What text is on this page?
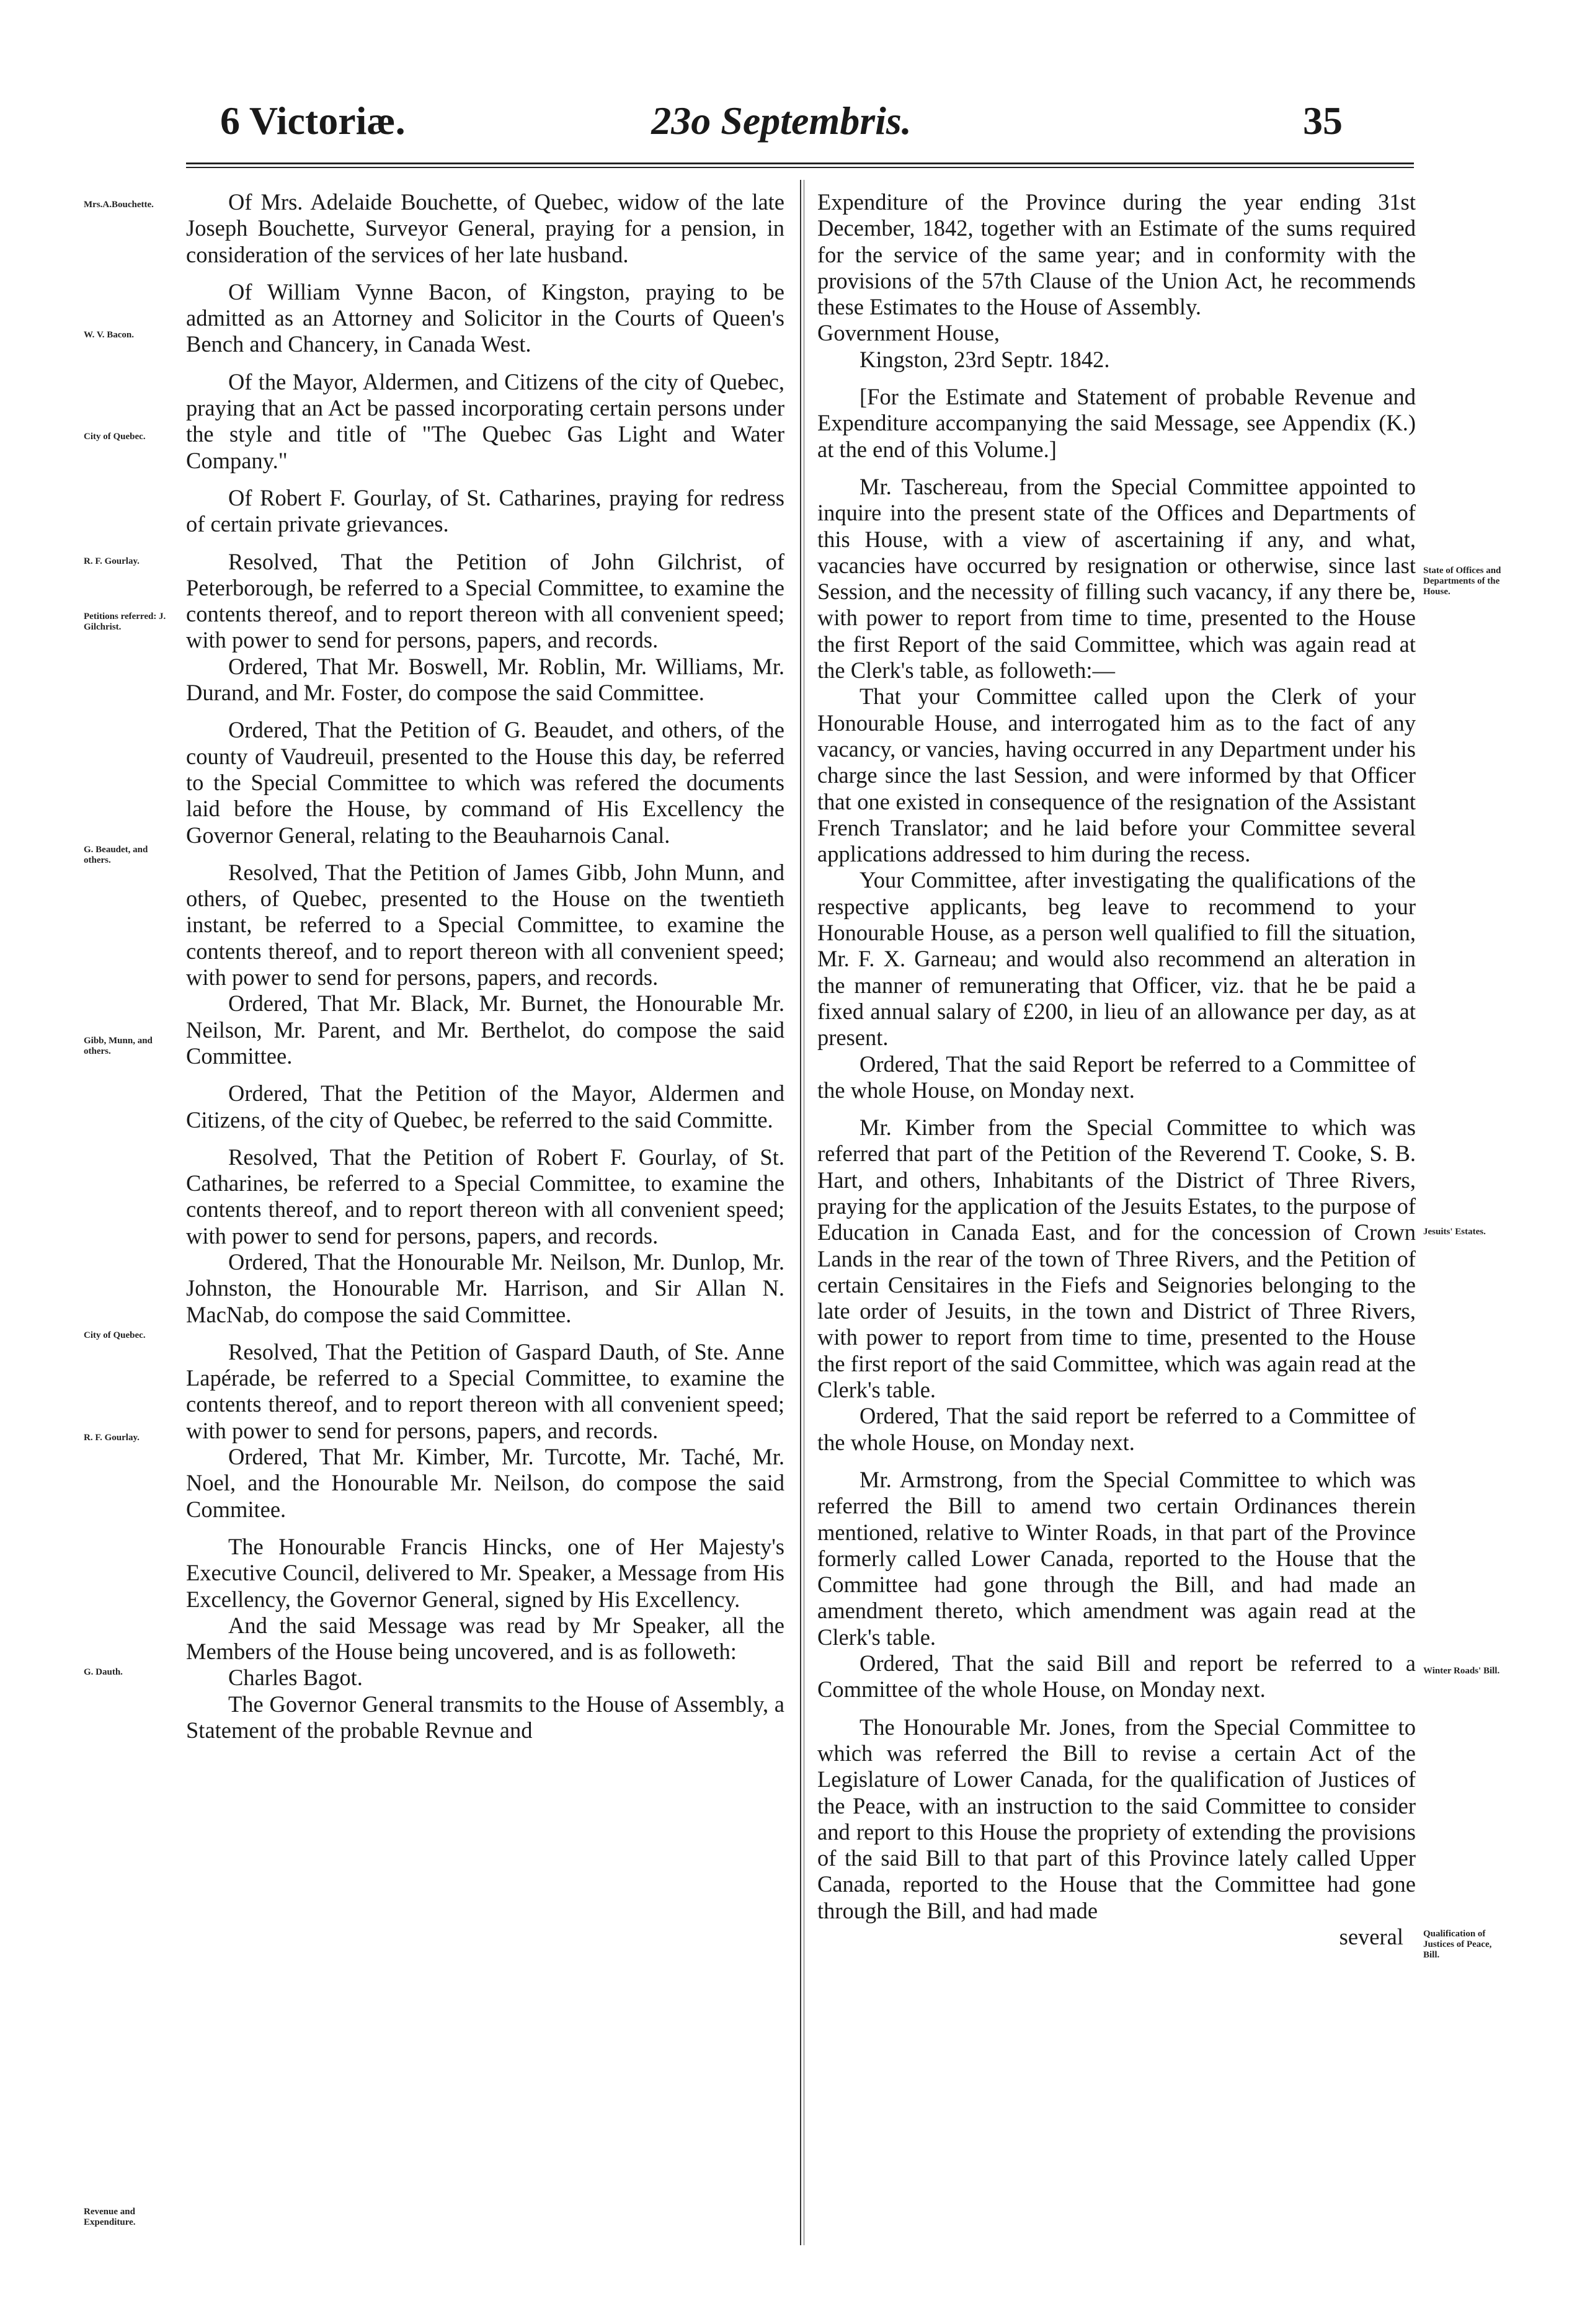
6 Victoriæ.	23o Septembris.	35
Mrs.A.Bouchette.
W. V. Bacon.
City of Quebec.
R. F. Gourlay.
Petitions referred: J. Gilchrist.
G. Beaudet, and others.
Gibb, Munn, and others.
City of Quebec.
R. F. Gourlay.
G. Dauth.
Revenue and Expenditure.
State of Offices and Departments of the House.
Jesuits' Estates.
Winter Roads' Bill.
Qualification of Justices of Peace, Bill.

Of Mrs. Adelaide Bouchette, of Quebec, widow of the late Joseph Bouchette, Surveyor General, praying for a pension, in consideration of the services of her late husband.

Of William Vynne Bacon, of Kingston, praying to be admitted as an Attorney and Solicitor in the Courts of Queen's Bench and Chancery, in Canada West.

Of the Mayor, Aldermen, and Citizens of the city of Quebec, praying that an Act be passed incorporating certain persons under the style and title of "The Quebec Gas Light and Water Company."

Of Robert F. Gourlay, of St. Catharines, praying for redress of certain private grievances.

Resolved, That the Petition of John Gilchrist, of Peterborough, be referred to a Special Committee, to examine the contents thereof, and to report thereon with all convenient speed; with power to send for persons, papers, and records.

Ordered, That Mr. Boswell, Mr. Roblin, Mr. Williams, Mr. Durand, and Mr. Foster, do compose the said Committee.

Ordered, That the Petition of G. Beaudet, and others, of the county of Vaudreuil, presented to the House this day, be referred to the Special Committee to which was refered the documents laid before the House, by command of His Excellency the Governor General, relating to the Beauharnois Canal.

Resolved, That the Petition of James Gibb, John Munn, and others, of Quebec, presented to the House on the twentieth instant, be referred to a Special Committee, to examine the contents thereof, and to report thereon with all convenient speed; with power to send for persons, papers, and records.

Ordered, That Mr. Black, Mr. Burnet, the Honourable Mr. Neilson, Mr. Parent, and Mr. Berthelot, do compose the said Committee.

Ordered, That the Petition of the Mayor, Aldermen and Citizens, of the city of Quebec, be referred to the said Committe.

Resolved, That the Petition of Robert F. Gourlay, of St. Catharines, be referred to a Special Committee, to examine the contents thereof, and to report thereon with all convenient speed; with power to send for persons, papers, and records.

Ordered, That the Honourable Mr. Neilson, Mr. Dunlop, Mr. Johnston, the Honourable Mr. Harrison, and Sir Allan N. MacNab, do compose the said Committee.

Resolved, That the Petition of Gaspard Dauth, of Ste. Anne Lapérade, be referred to a Special Committee, to examine the contents thereof, and to report thereon with all convenient speed; with power to send for persons, papers, and records.

Ordered, That Mr. Kimber, Mr. Turcotte, Mr. Taché, Mr. Noel, and the Honourable Mr. Neilson, do compose the said Commitee.

The Honourable Francis Hincks, one of Her Majesty's Executive Council, delivered to Mr. Speaker, a Message from His Excellency, the Governor General, signed by His Excellency.

And the said Message was read by Mr Speaker, all the Members of the House being uncovered, and is as followeth:

Charles Bagot.

The Governor General transmits to the House of Assembly, a Statement of the probable Revnue and

Expenditure of the Province during the year ending 31st December, 1842, together with an Estimate of the sums required for the service of the same year; and in conformity with the provisions of the 57th Clause of the Union Act, he recommends these Estimates to the House of Assembly.

Government House,

Kingston, 23rd Septr. 1842.

[For the Estimate and Statement of probable Revenue and Expenditure accompanying the said Message, see Appendix (K.) at the end of this Volume.]

Mr. Taschereau, from the Special Committee appointed to inquire into the present state of the Offices and Departments of this House, with a view of ascertaining if any, and what, vacancies have occurred by resignation or otherwise, since last Session, and the necessity of filling such vacancy, if any there be, with power to report from time to time, presented to the House the first Report of the said Committee, which was again read at the Clerk's table, as followeth:—

That your Committee called upon the Clerk of your Honourable House, and interrogated him as to the fact of any vacancy, or vancies, having occurred in any Department under his charge since the last Session, and were informed by that Officer that one existed in consequence of the resignation of the Assistant French Translator; and he laid before your Committee several applications addressed to him during the recess.

Your Committee, after investigating the qualifications of the respective applicants, beg leave to recommend to your Honourable House, as a person well qualified to fill the situation, Mr. F. X. Garneau; and would also recommend an alteration in the manner of remunerating that Officer, viz. that he be paid a fixed annual salary of £200, in lieu of an allowance per day, as at present.

Ordered, That the said Report be referred to a Committee of the whole House, on Monday next.

Mr. Kimber from the Special Committee to which was referred that part of the Petition of the Reverend T. Cooke, S. B. Hart, and others, Inhabitants of the District of Three Rivers, praying for the application of the Jesuits Estates, to the purpose of Education in Canada East, and for the concession of Crown Lands in the rear of the town of Three Rivers, and the Petition of certain Censitaires in the Fiefs and Seignories belonging to the late order of Jesuits, in the town and District of Three Rivers, with power to report from time to time, presented to the House the first report of the said Committee, which was again read at the Clerk's table.

Ordered, That the said report be referred to a Committee of the whole House, on Monday next.

Mr. Armstrong, from the Special Committee to which was referred the Bill to amend two certain Ordinances therein mentioned, relative to Winter Roads, in that part of the Province formerly called Lower Canada, reported to the House that the Committee had gone through the Bill, and had made an amendment thereto, which amendment was again read at the Clerk's table.

Ordered, That the said Bill and report be referred to a Committee of the whole House, on Monday next.

The Honourable Mr. Jones, from the Special Committee to which was referred the Bill to revise a certain Act of the Legislature of Lower Canada, for the qualification of Justices of the Peace, with an instruction to the said Committee to consider and report to this House the propriety of extending the provisions of the said Bill to that part of this Province lately called Upper Canada, reported to the House that the Committee had gone through the Bill, and had made

several
